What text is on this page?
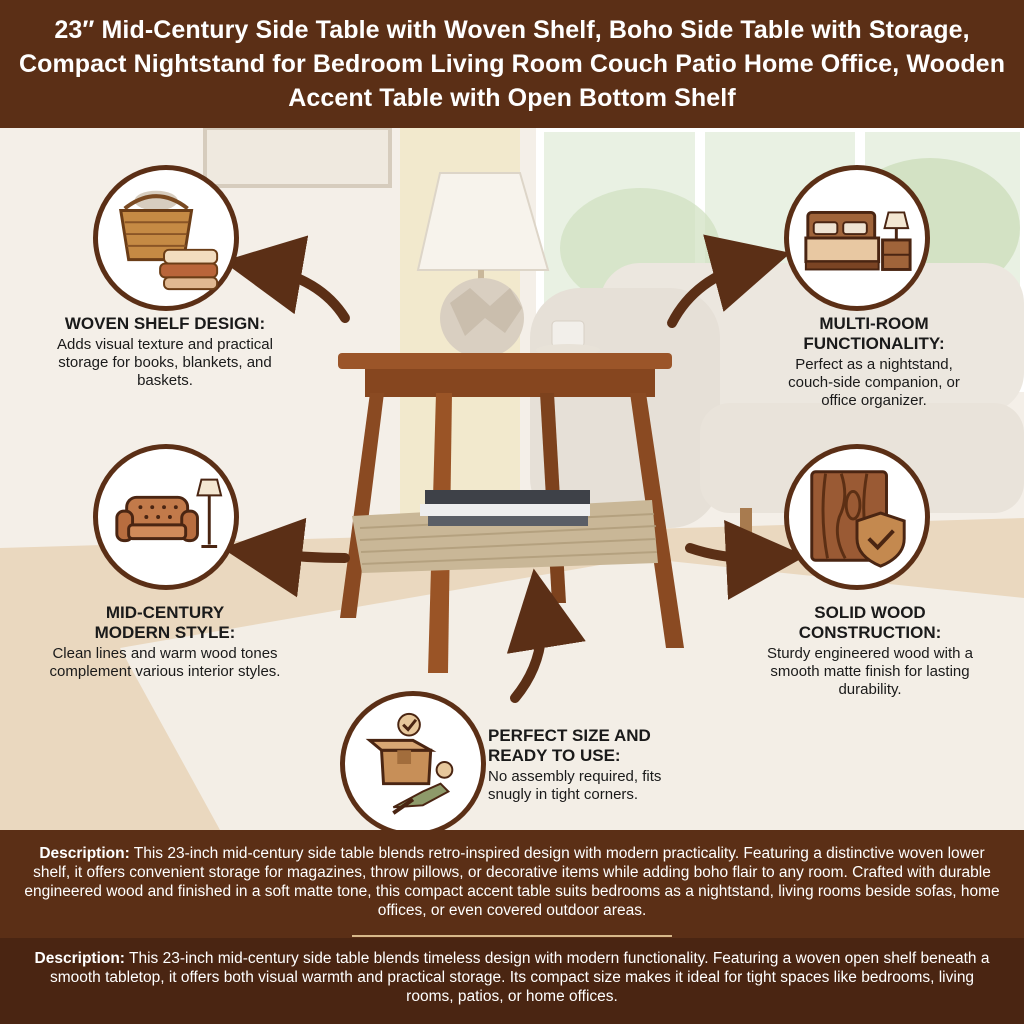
23″ Mid-Century Side Table with Woven Shelf, Boho Side Table with Storage, Compact Nightstand for Bedroom Living Room Couch Patio Home Office, Wooden Accent Table with Open Bottom Shelf
WOVEN SHELF DESIGN:
Adds visual texture and practical storage for books, blankets, and baskets.
MULTI-ROOM FUNCTIONALITY:
Perfect as a nightstand, couch-side companion, or office organizer.
MID-CENTURY MODERN STYLE:
Clean lines and warm wood tones complement various interior styles.
SOLID WOOD CONSTRUCTION:
Sturdy engineered wood with a smooth matte finish for lasting durability.
PERFECT SIZE AND READY TO USE:
No assembly required, fits snugly in tight corners.
Description: This 23-inch mid-century side table blends retro-inspired design with modern practicality. Featuring a distinctive woven lower shelf, it offers convenient storage for magazines, throw pillows, or decorative items while adding boho flair to any room. Crafted with durable engineered wood and finished in a soft matte tone, this compact accent table suits bedrooms as a nightstand, living rooms beside sofas, home offices, or even covered outdoor areas.
Description: This 23-inch mid-century side table blends timeless design with modern functionality. Featuring a woven open shelf beneath a smooth tabletop, it offers both visual warmth and practical storage. Its compact size makes it ideal for tight spaces like bedrooms, living rooms, patios, or home offices.
